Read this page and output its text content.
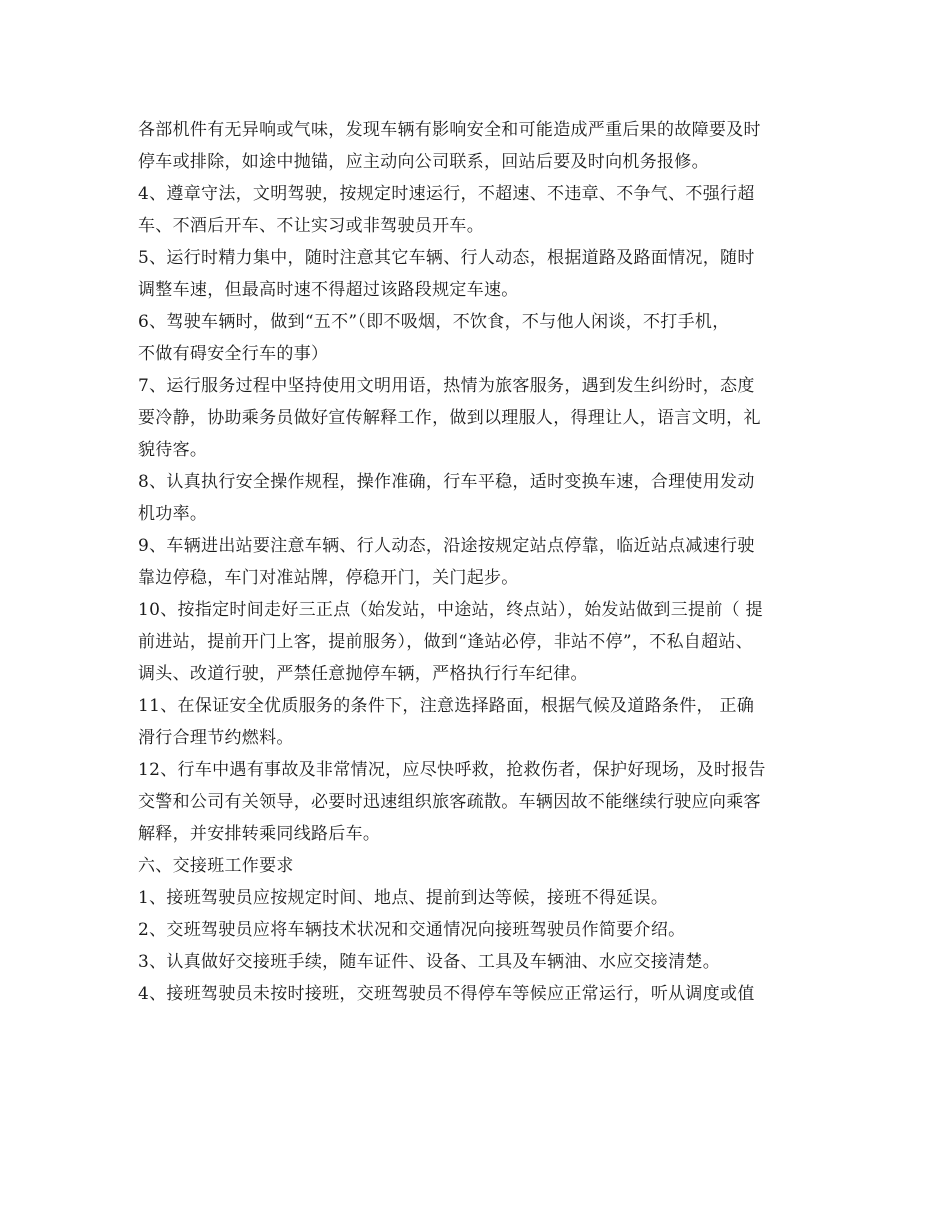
各部机件有无异响或气味，发现车辆有影响安全和可能造成严重后果的故障要及时
停车或排除，如途中抛锚，应主动向公司联系，回站后要及时向机务报修。
4、遵章守法，文明驾驶，按规定时速运行，不超速、不违章、不争气、不强行超
车、不酒后开车、不让实习或非驾驶员开车。
5、运行时精力集中，随时注意其它车辆、行人动态，根据道路及路面情况，随时
调整车速，但最高时速不得超过该路段规定车速。
6、驾驶车辆时，做到“五不”（即不吸烟，不饮食，不与他人闲谈，不打手机，
不做有碍安全行车的事）
7、运行服务过程中坚持使用文明用语，热情为旅客服务，遇到发生纠纷时，态度
要冷静，协助乘务员做好宣传解释工作，做到以理服人，得理让人，语言文明，礼
貌待客。
8、认真执行安全操作规程，操作准确，行车平稳，适时变换车速，合理使用发动
机功率。
9、车辆进出站要注意车辆、行人动态，沿途按规定站点停靠，临近站点减速行驶
靠边停稳，车门对准站牌，停稳开门，关门起步。
10、按指定时间走好三正点（始发站，中途站，终点站），始发站做到三提前（ 提
前进站，提前开门上客，提前服务），做到“逢站必停，非站不停”，不私自超站、
调头、改道行驶，严禁任意抛停车辆，严格执行行车纪律。
11、在保证安全优质服务的条件下，注意选择路面，根据气候及道路条件， 正确
滑行合理节约燃料。
12、行车中遇有事故及非常情况，应尽快呼救，抢救伤者，保护好现场，及时报告
交警和公司有关领导，必要时迅速组织旅客疏散。车辆因故不能继续行驶应向乘客
解释，并安排转乘同线路后车。
六、交接班工作要求
1、接班驾驶员应按规定时间、地点、提前到达等候，接班不得延误。
2、交班驾驶员应将车辆技术状况和交通情况向接班驾驶员作简要介绍。
3、认真做好交接班手续，随车证件、设备、工具及车辆油、水应交接清楚。
4、接班驾驶员未按时接班，交班驾驶员不得停车等候应正常运行，听从调度或值
